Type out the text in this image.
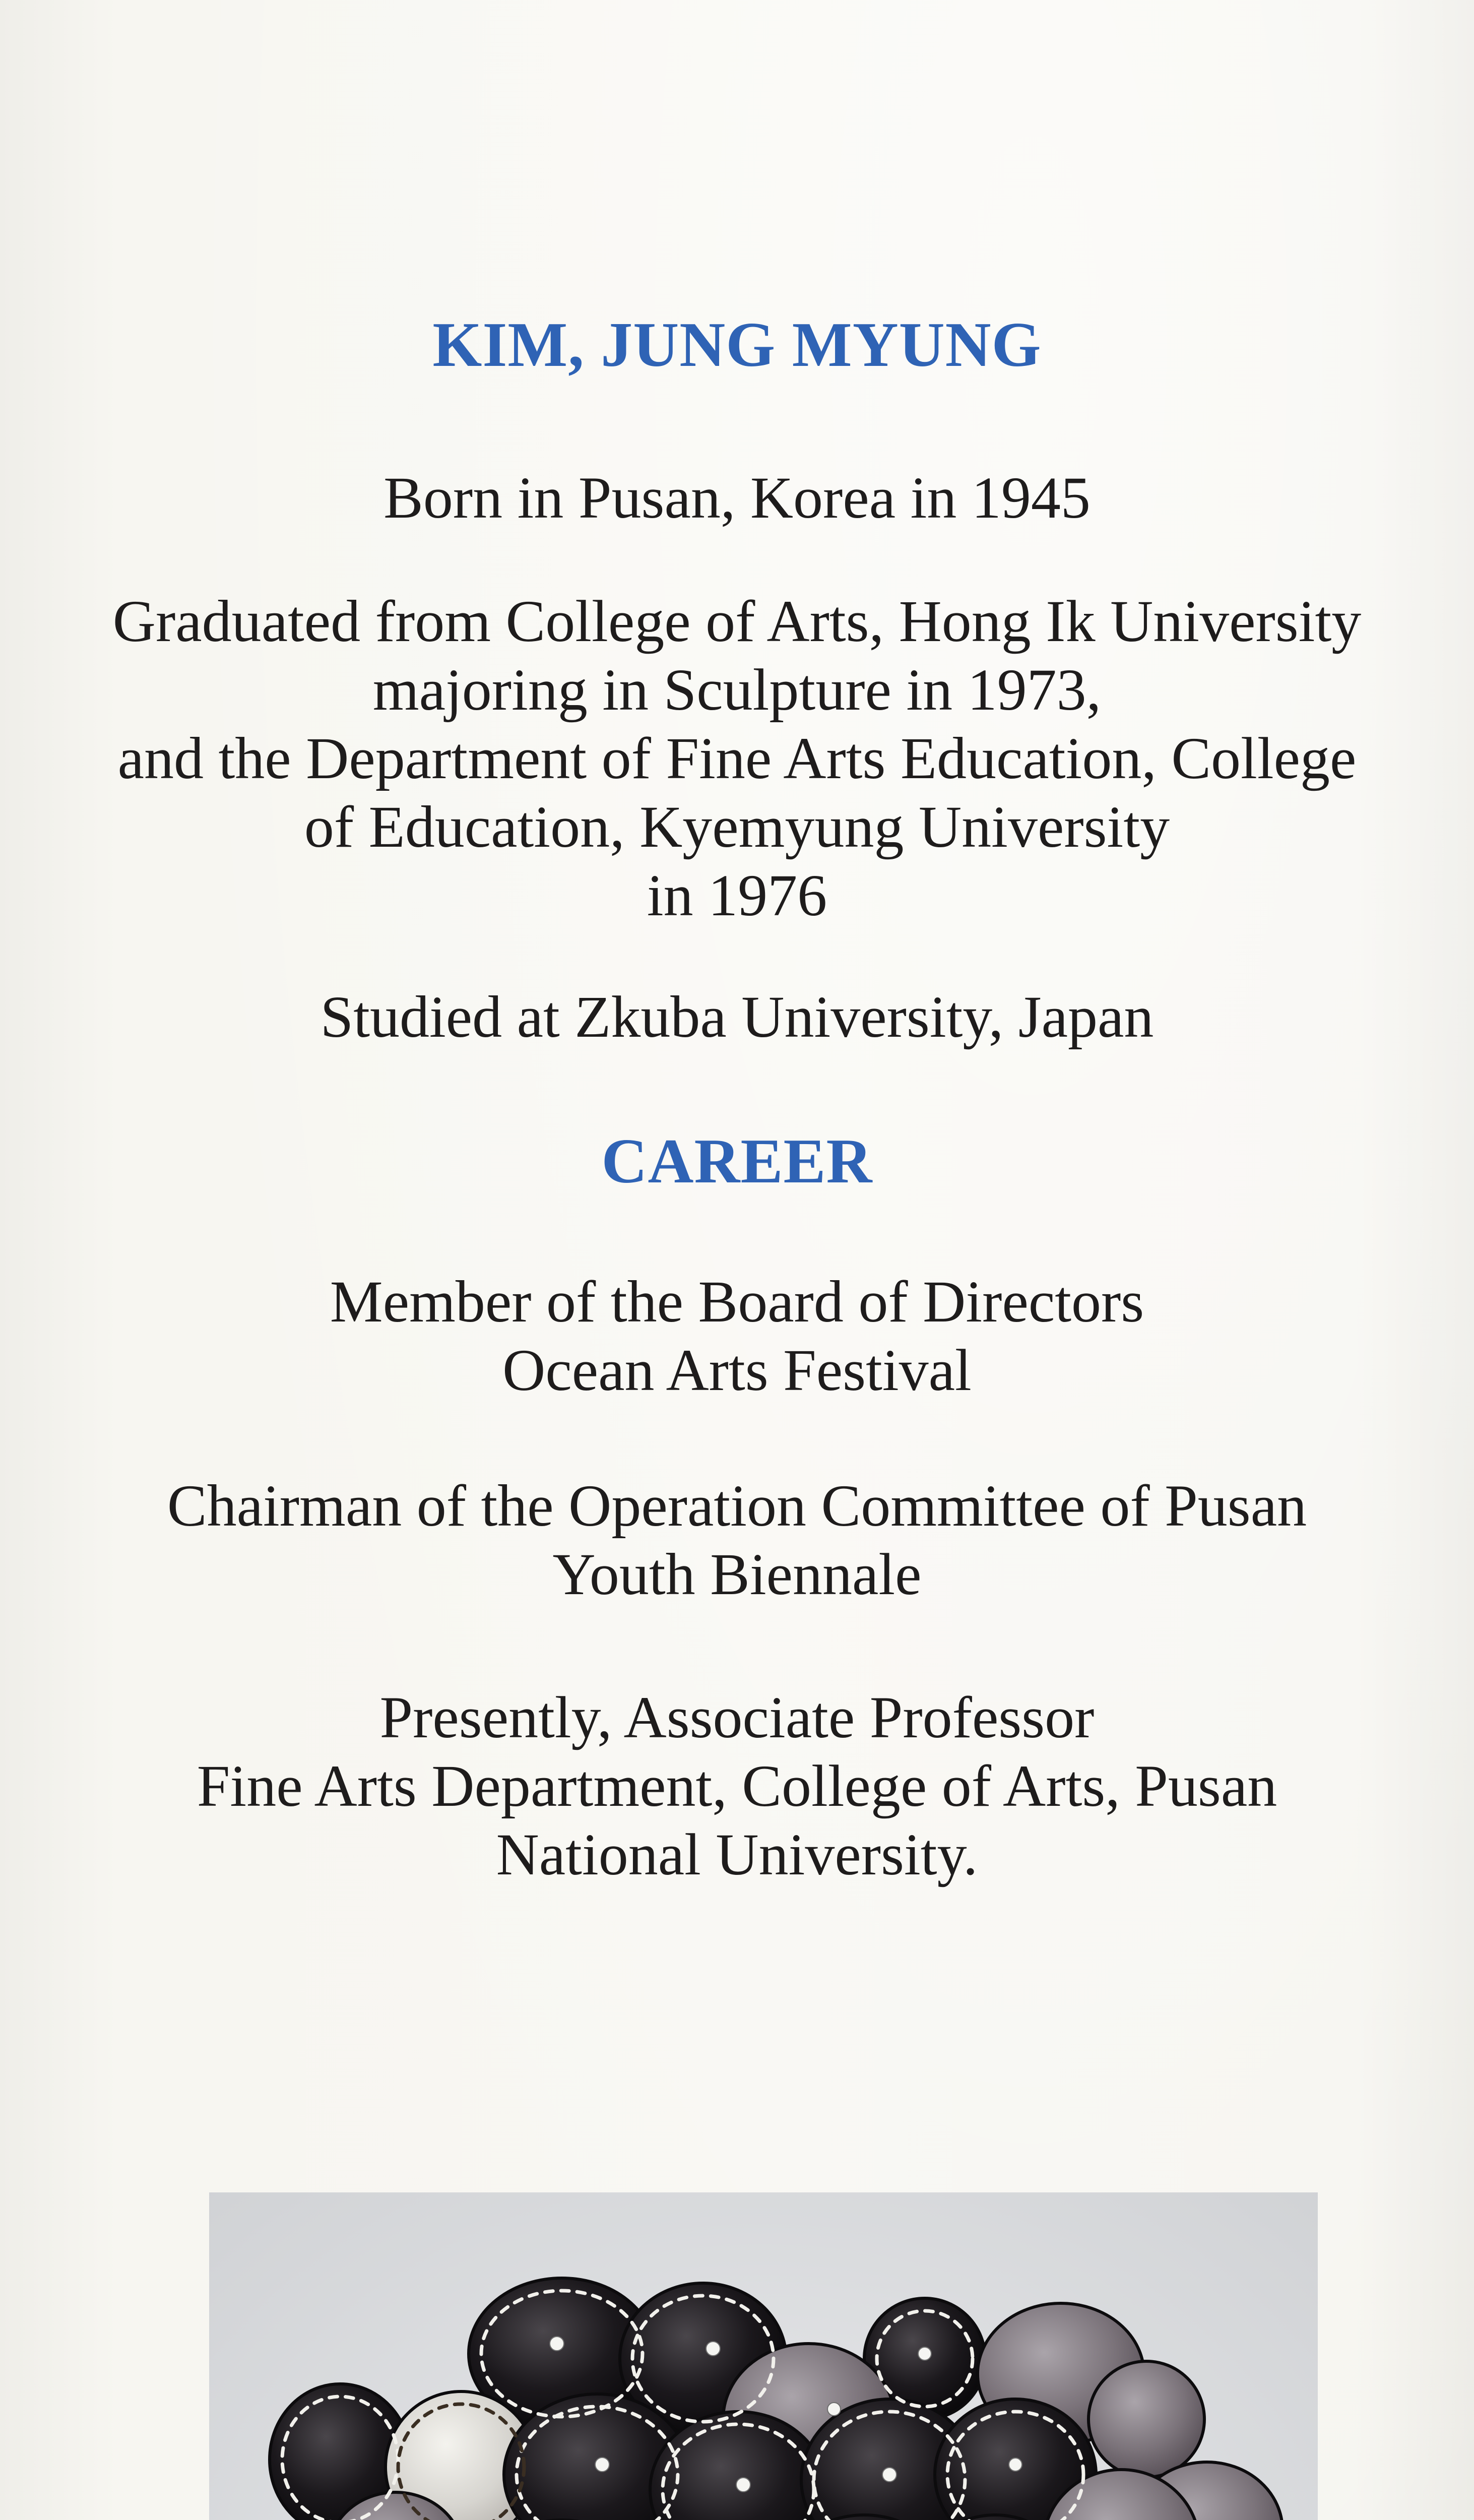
KIM, JUNG MYUNG

Born in Pusan, Korea in 1945

Graduated from College of Arts, Hong Ik University

majoring in Sculpture in 1973,

and the Department of Fine Arts Education, College

of Education, Kyemyung University

in 1976

Studied at Zkuba University, Japan

CAREER

Member of the Board of Directors

Ocean Arts Festival

Chairman of the Operation Committee of Pusan

Youth Biennale

Presently, Associate Professor

Fine Arts Department, College of Arts, Pusan

National University.
